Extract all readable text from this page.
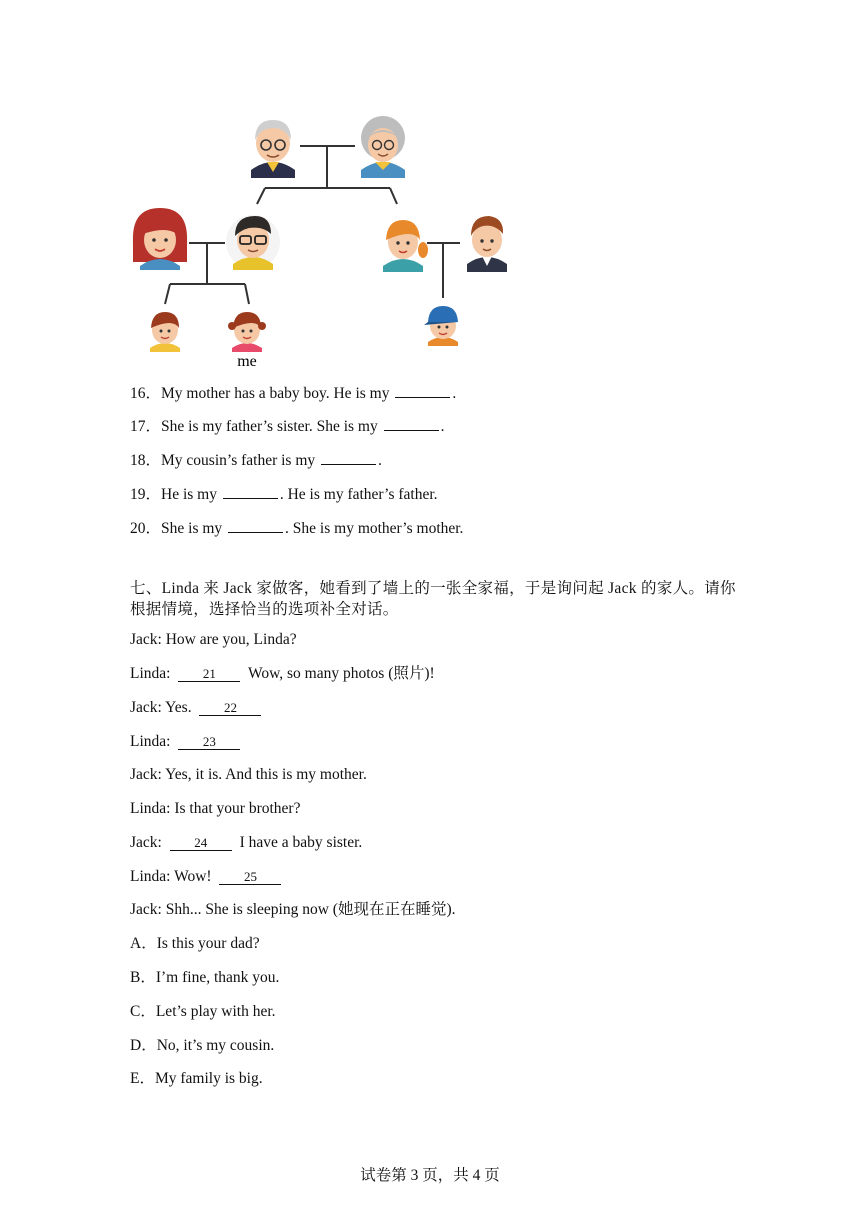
me
16．My mother has a baby boy. He is my	.
17．She is my father’s sister. She is my	.
18．My cousin’s father is my	.
19．He is my	. He is my father’s father.
20．She is my	. She is my mother’s mother.
七、Linda 来 Jack 家做客，她看到了墙上的一张全家福，于是询问起 Jack 的家人。请你根据情境，选择恰当的选项补全对话。
Jack: How are you, Linda?
Linda: 21 Wow, so many photos (照片)!
Jack: Yes. 22
Linda: 23
Jack: Yes, it is. And this is my mother.
Linda: Is that your brother?
Jack: 24 I have a baby sister.
Linda: Wow! 25
Jack: Shh... She is sleeping now (她现在正在睡觉).
A．Is this your dad?
B．I’m fine, thank you.
C．Let’s play with her.
D．No, it’s my cousin.
E．My family is big.
试卷第 3 页，共 4 页
